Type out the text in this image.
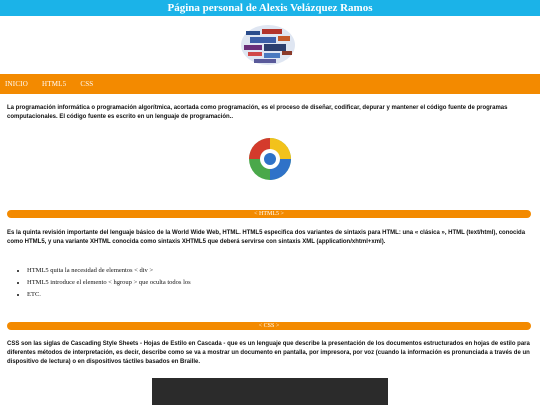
Página personal de Alexis Velázquez Ramos
INICIO HTML5 CSS

La programación informática o programación algorítmica, acortada como programación, es el proceso de diseñar, codificar, depurar y mantener el código fuente de programas computacionales. El código fuente es escrito en un lenguaje de programación..

< HTML5 >

Es la quinta revisión importante del lenguaje básico de la World Wide Web, HTML. HTML5 especifica dos variantes de sintaxis para HTML: una « clásica », HTML (text/html), conocida como HTML5, y una variante XHTML conocida como sintaxis XHTML5 que deberá servirse con sintaxis XML (application/xhtml+xml).

• HTML5 quita la necesidad de elementos < div >
• HTML5 introduce el elemento < hgroup > que oculta todos los
• ETC.
< CSS >

CSS son las siglas de Cascading Style Sheets - Hojas de Estilo en Cascada - que es un lenguaje que describe la presentación de los documentos estructurados en hojas de estilo para diferentes métodos de interpretación, es decir, describe como se va a mostrar un documento en pantalla, por impresora, por voz (cuando la información es pronunciada a través de un dispositivo de lectura) o en dispositivos táctiles basados en Braille.
